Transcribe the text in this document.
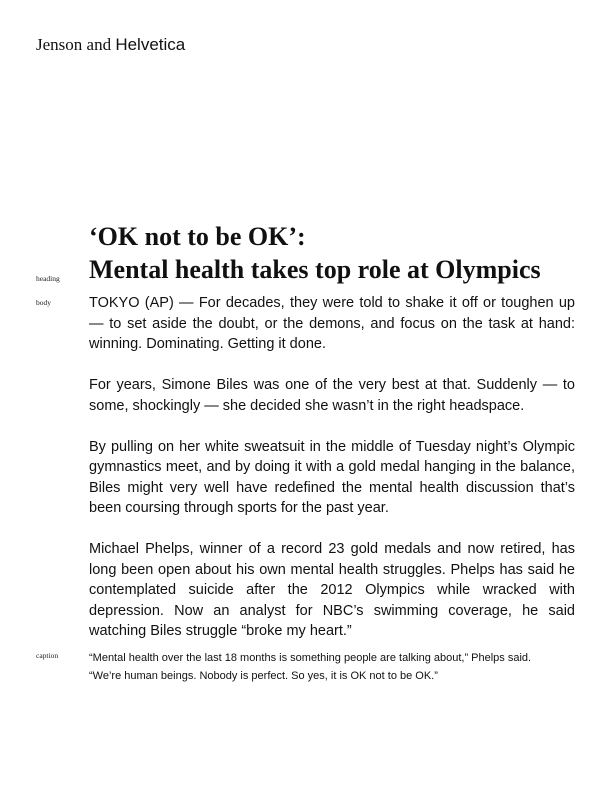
Jenson and Helvetica
heading
body
caption
‘OK not to be OK’:
Mental health takes top role at Olympics

TOKYO (AP) — For decades, they were told to shake it off or toughen up — to set aside the doubt, or the demons, and focus on the task at hand: winning. Dominating. Getting it done.

For years, Simone Biles was one of the very best at that. Suddenly — to some, shockingly — she decided she wasn’t in the right headspace.

By pulling on her white sweatsuit in the middle of Tuesday night’s Olympic gymnastics meet, and by doing it with a gold medal hanging in the balance, Biles might very well have redefined the mental health discussion that’s been coursing through sports for the past year.

Michael Phelps, winner of a record 23 gold medals and now retired, has long been open about his own mental health struggles. Phelps has said he contemplated suicide after the 2012 Olympics while wracked with depression. Now an analyst for NBC’s swimming coverage, he said watching Biles struggle “broke my heart.”

“Mental health over the last 18 months is something people are talking about,” Phelps said. “We’re human beings. Nobody is perfect. So yes, it is OK not to be OK.”
